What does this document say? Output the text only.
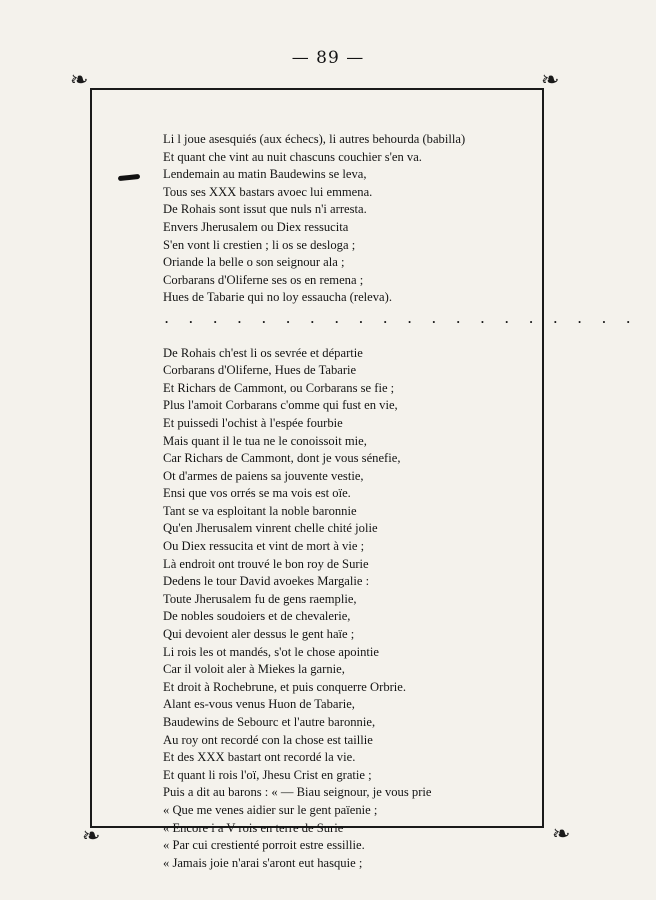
— 89 —
❧	❧
❧	❧
Li l joue asesquiés (aux échecs), li autres behourda (babilla)
Et quant che vint au nuit chascuns couchier s'en va.
Lendemain au matin Baudewins se leva,
Tous ses XXX bastars avoec lui emmena.
De Rohais sont issut que nuls n'i arresta.
Envers Jherusalem ou Diex ressucita
S'en vont li crestien ; li os se desloga ;
Oriande la belle o son seignour ala ;
Corbarans d'Oliferne ses os en remena ;
Hues de Tabarie qui no loy essaucha (releva).
. . . . . . . . . . . . . . . . . . . .
De Rohais ch'est li os sevrée et départie
Corbarans d'Oliferne, Hues de Tabarie
Et Richars de Cammont, ou Corbarans se fie ;
Plus l'amoit Corbarans c'omme qui fust en vie,
Et puissedi l'ochist à l'espée fourbie
Mais quant il le tua ne le conoissoit mie,
Car Richars de Cammont, dont je vous sénefie,
Ot d'armes de paiens sa jouvente vestie,
Ensi que vos orrés se ma vois est oïe.
Tant se va esploitant la noble baronnie
Qu'en Jherusalem vinrent chelle chité jolie
Ou Diex ressucita et vint de mort à vie ;
Là endroit ont trouvé le bon roy de Surie
Dedens le tour David avoekes Margalie :
Toute Jherusalem fu de gens raemplie,
De nobles soudoiers et de chevalerie,
Qui devoient aler dessus le gent haïe ;
Li rois les ot mandés, s'ot le chose apointie
Car il voloit aler à Miekes la garnie,
Et droit à Rochebrune, et puis conquerre Orbrie.
Alant es-vous venus Huon de Tabarie,
Baudewins de Sebourc et l'autre baronnie,
Au roy ont recordé con la chose est taillie
Et des XXX bastart ont recordé la vie.
Et quant li rois l'oï, Jhesu Crist en gratie ;
Puis a dit au barons : « — Biau seignour, je vous prie
« Que me venes aidier sur le gent païenie ;
« Encore i a V rois en terre de Surie
« Par cui crestienté porroit estre essillie.
« Jamais joie n'arai s'aront eut hasquie ;
